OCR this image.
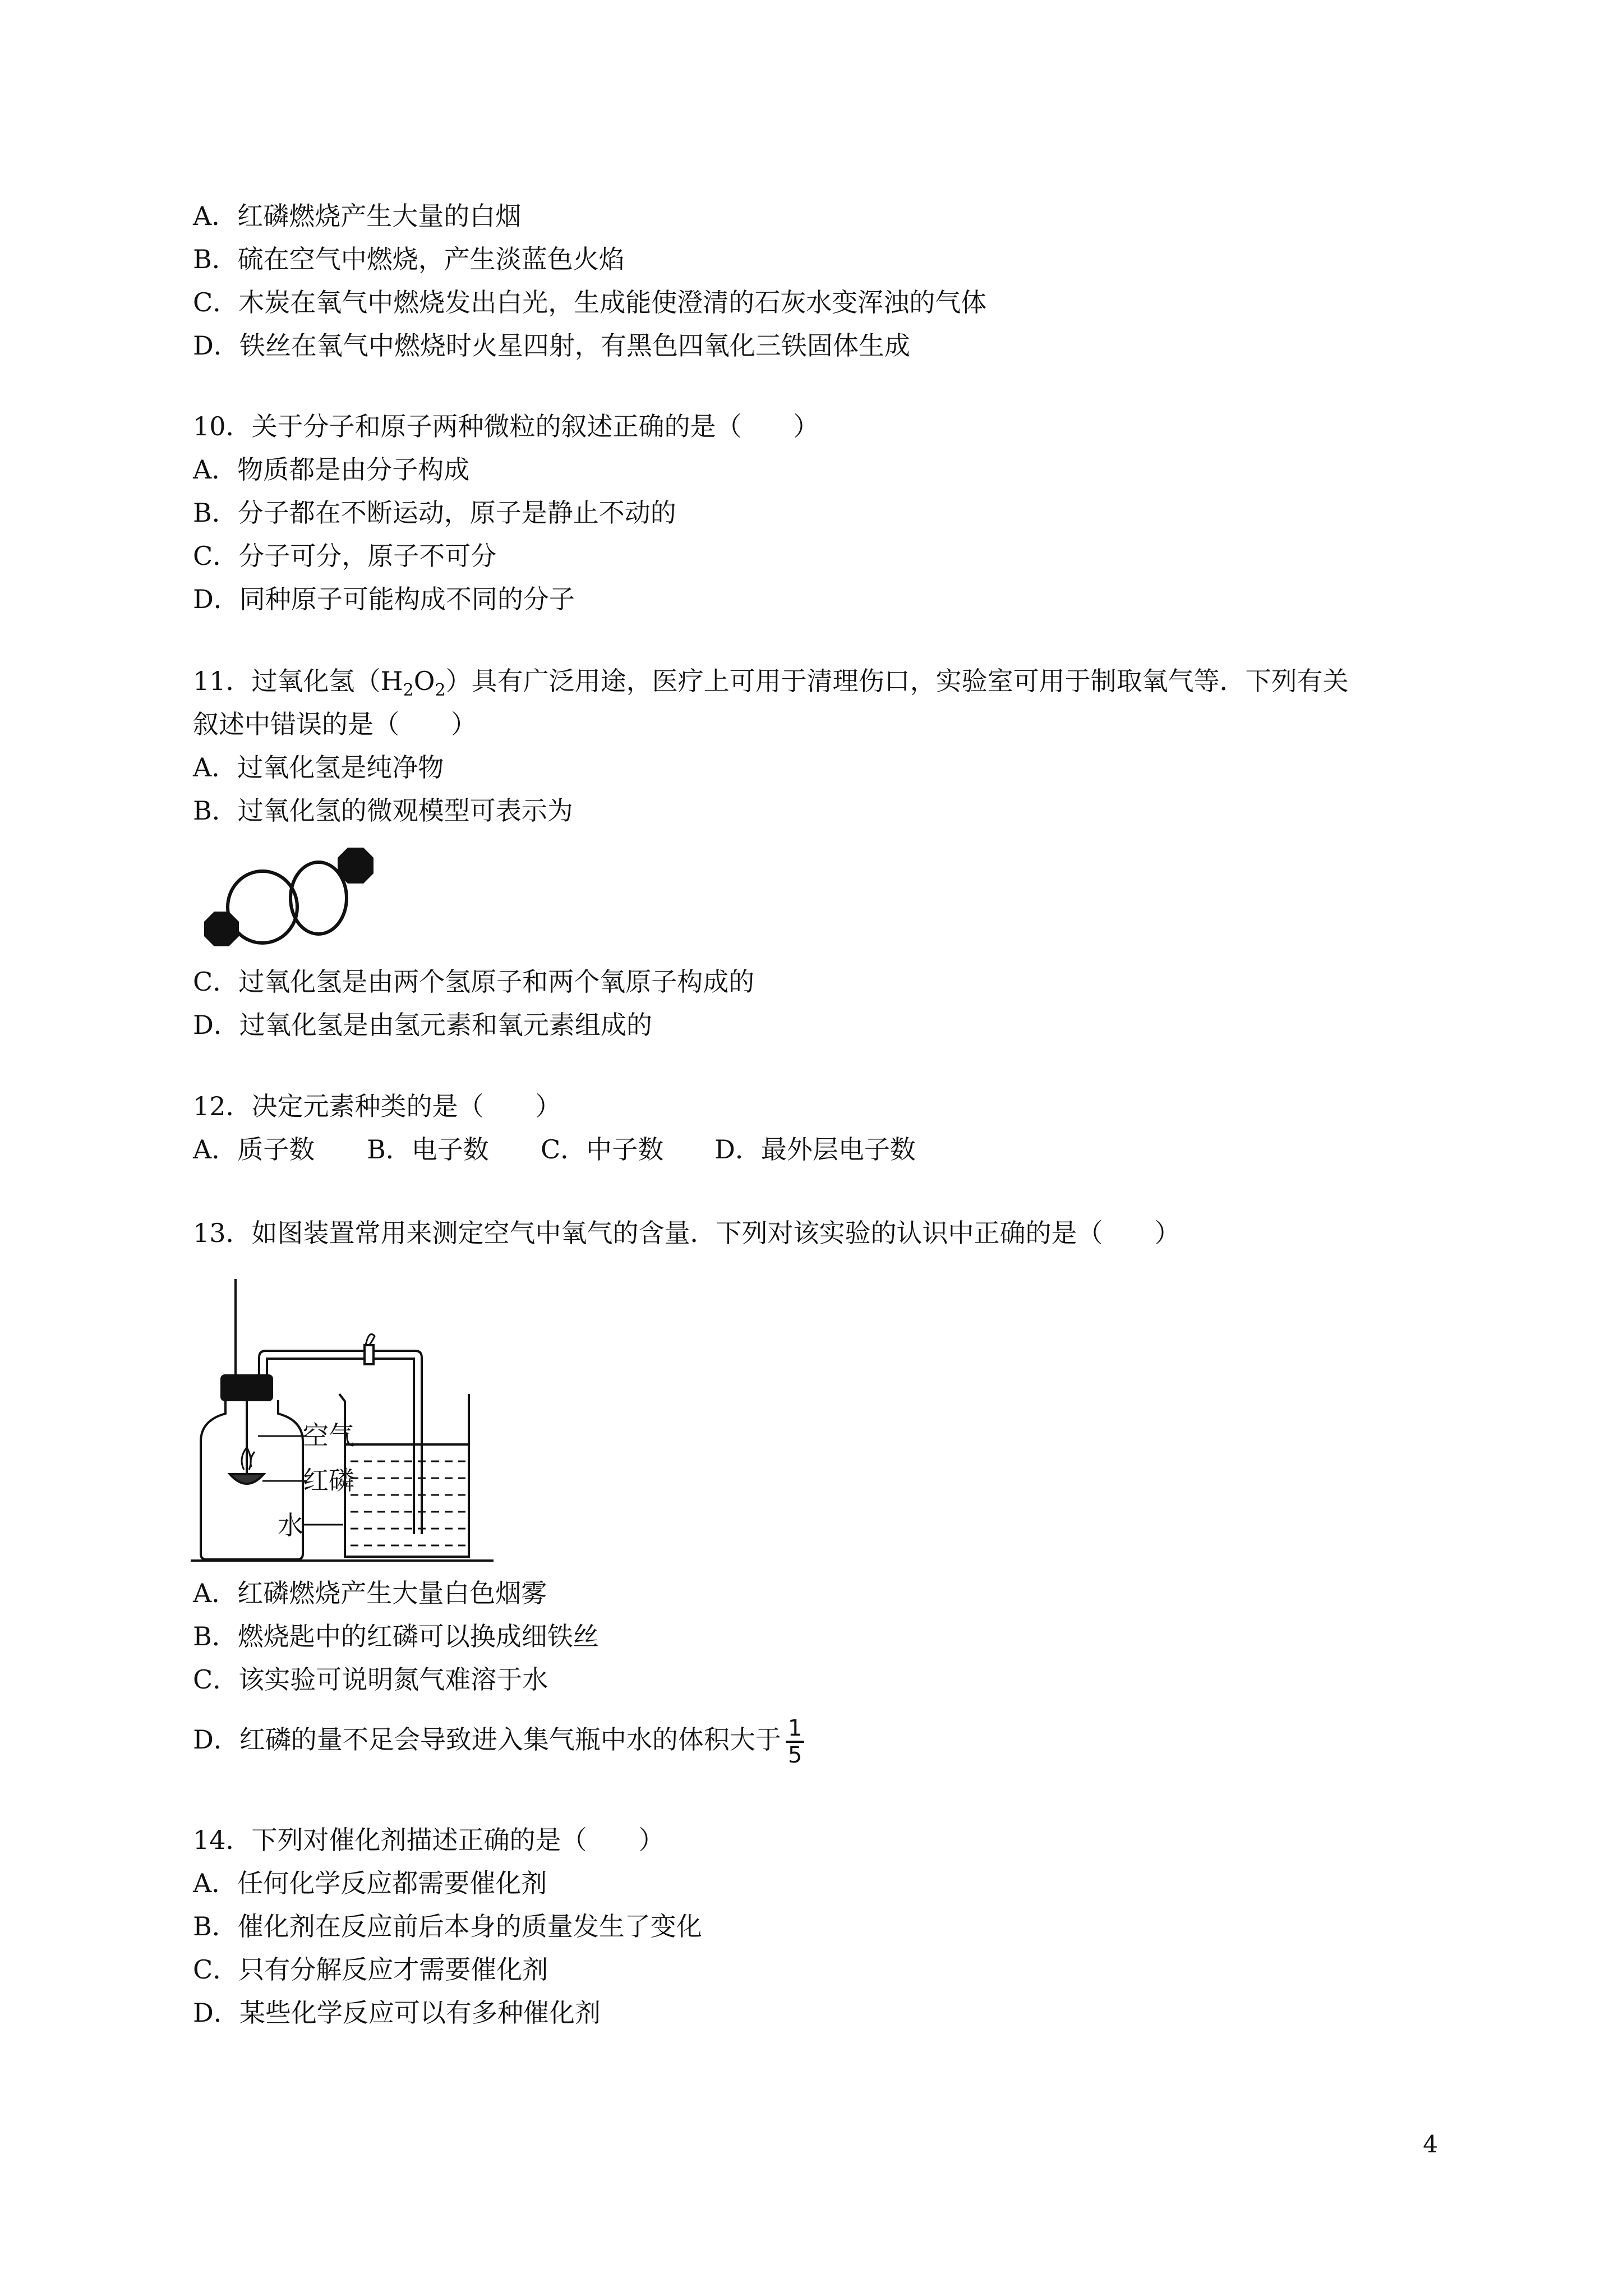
A．红磷燃烧产生大量的白烟
B．硫在空气中燃烧，产生淡蓝色火焰
C．木炭在氧气中燃烧发出白光，生成能使澄清的石灰水变浑浊的气体
D．铁丝在氧气中燃烧时火星四射，有黑色四氧化三铁固体生成
10．关于分子和原子两种微粒的叙述正确的是（　　）
A．物质都是由分子构成
B．分子都在不断运动，原子是静止不动的
C．分子可分，原子不可分
D．同种原子可能构成不同的分子
11．过氧化氢$(H_2O_2)$具有广泛用途，医疗上可用于清理伤口，实验室可用于制取氧气等．下列有关
叙述中错误的是（　　）
A．过氧化氢是纯净物
B．过氧化氢的微观模型可表示为
C．过氧化氢是由两个氢原子和两个氧原子构成的
D．过氧化氢是由氢元素和氧元素组成的
12．决定元素种类的是（　　）
A．质子数 B．电子数 C．中子数 D．最外层电子数
13．如图装置常用来测定空气中氧气的含量．下列对该实验的认识中正确的是（　　）
空气
红磷
水
A．红磷燃烧产生大量白色烟雾
B．燃烧匙中的红磷可以换成细铁丝
C．该实验可说明氮气难溶于水
D．红磷的量不足会导致进入集气瓶中水的体积大于 $\frac{1}{5}$
14．下列对催化剂描述正确的是（　　）
A．任何化学反应都需要催化剂
B．催化剂在反应前后本身的质量发生了变化
C．只有分解反应才需要催化剂
D．某些化学反应可以有多种催化剂
4
